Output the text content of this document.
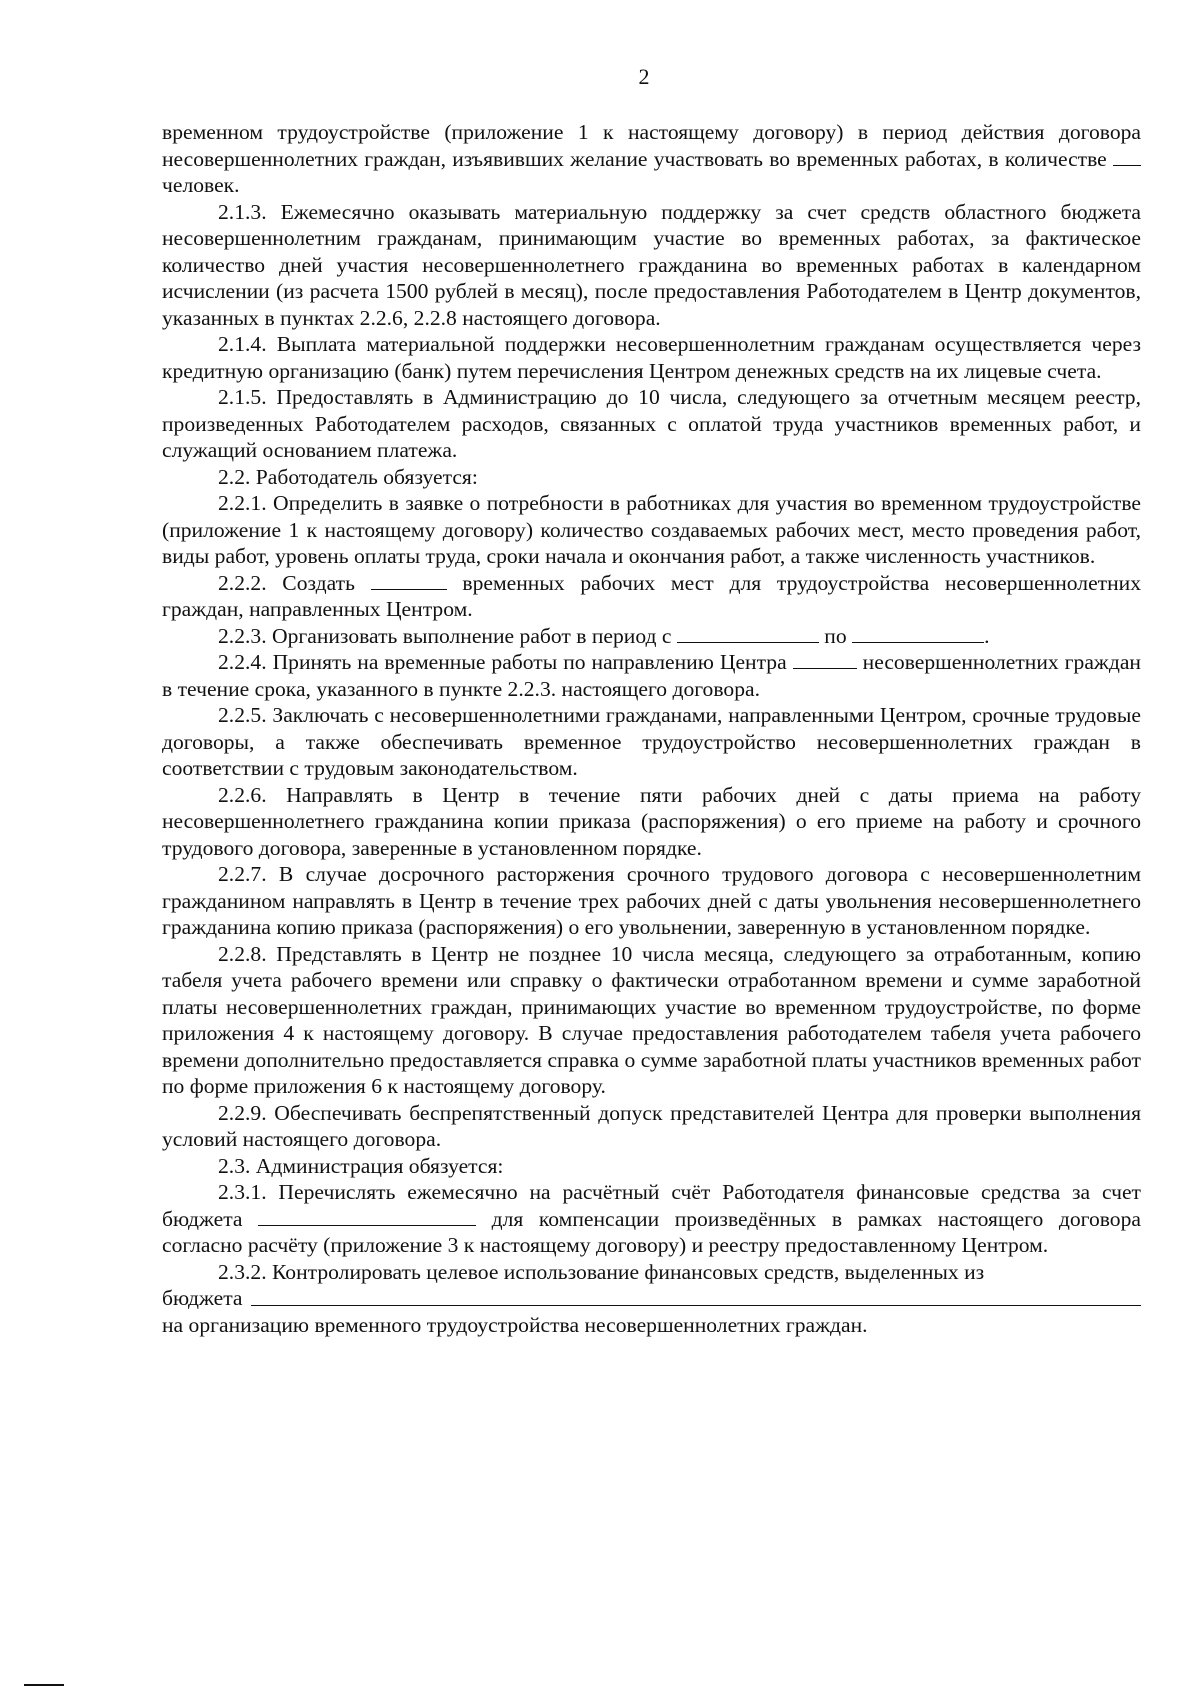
2

временном трудоустройстве (приложение 1 к настоящему договору) в период действия договора несовершеннолетних граждан, изъявивших желание участвовать во временных работах, в количестве  человек.

2.1.3. Ежемесячно оказывать материальную поддержку за счет средств областного бюджета несовершеннолетним гражданам, принимающим участие во временных работах, за фактическое количество дней участия несовершеннолетнего гражданина во временных работах в календарном исчислении (из расчета 1500 рублей в месяц), после предоставления Работодателем в Центр документов, указанных в пунктах 2.2.6, 2.2.8 настоящего договора.

2.1.4. Выплата материальной поддержки несовершеннолетним гражданам осуществляется через кредитную организацию (банк) путем перечисления Центром денежных средств на их лицевые счета.

2.1.5. Предоставлять в Администрацию до 10 числа, следующего за отчетным месяцем реестр, произведенных Работодателем расходов, связанных с оплатой труда участников временных работ, и служащий основанием платежа.

2.2. Работодатель обязуется:

2.2.1. Определить в заявке о потребности в работниках для участия во временном трудоустройстве (приложение 1 к настоящему договору) количество создаваемых рабочих мест, место проведения работ, виды работ, уровень оплаты труда, сроки начала и окончания работ, а также численность участников.

2.2.2. Создать	временных рабочих мест для трудоустройства несовершеннолетних граждан, направленных Центром.

2.2.3. Организовать выполнение работ в период с	по	.

2.2.4. Принять на временные работы по направлению Центра	несовершеннолетних граждан в течение срока, указанного в пункте 2.2.3. настоящего договора.

2.2.5. Заключать с несовершеннолетними гражданами, направленными Центром, срочные трудовые договоры, а также обеспечивать временное трудоустройство несовершеннолетних граждан в соответствии с трудовым законодательством.

2.2.6. Направлять в Центр в течение пяти рабочих дней с даты приема на работу несовершеннолетнего гражданина копии приказа (распоряжения) о его приеме на работу и срочного трудового договора, заверенные в установленном порядке.

2.2.7. В случае досрочного расторжения срочного трудового договора с несовершеннолетним гражданином направлять в Центр в течение трех рабочих дней с даты увольнения несовершеннолетнего гражданина копию приказа (распоряжения) о его увольнении, заверенную в установленном порядке.

2.2.8. Представлять в Центр не позднее 10 числа месяца, следующего за отработанным, копию табеля учета рабочего времени или справку о фактически отработанном времени и сумме заработной платы несовершеннолетних граждан, принимающих участие во временном трудоустройстве, по форме приложения 4 к настоящему договору. В случае предоставления работодателем табеля учета рабочего времени дополнительно предоставляется справка о сумме заработной платы участников временных работ по форме приложения 6 к настоящему договору.

2.2.9. Обеспечивать беспрепятственный допуск представителей Центра для проверки выполнения условий настоящего договора.

2.3. Администрация обязуется:

2.3.1. Перечислять ежемесячно на расчётный счёт Работодателя финансовые средства за счет бюджета	для компенсации произведённых в рамках настоящего договора согласно расчёту (приложение 3 к настоящему договору) и реестру предоставленному Центром.

2.3.2. Контролировать целевое использование финансовых средств, выделенных из

бюджета

на организацию временного трудоустройства несовершеннолетних граждан.
